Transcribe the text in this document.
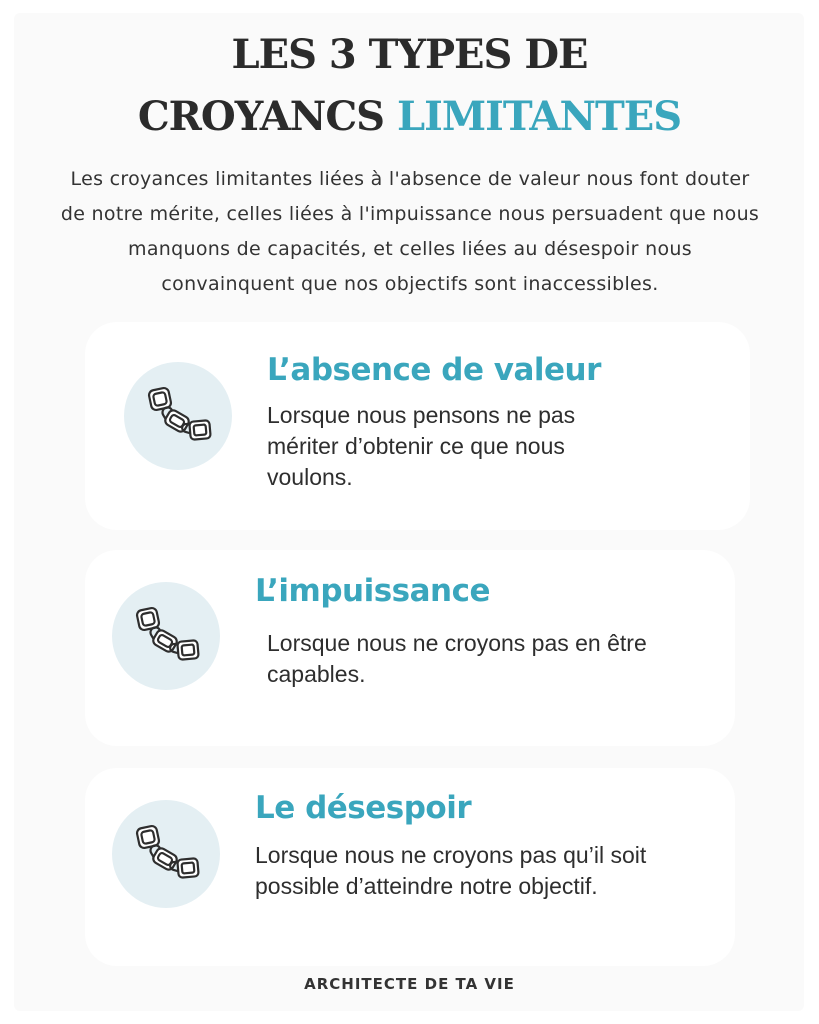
LES 3 TYPES DE
CROYANCS LIMITANTES

Les croyances limitantes liées à l'absence de valeur nous font douter de notre mérite, celles liées à l'impuissance nous persuadent que nous manquons de capacités, et celles liées au désespoir nous convainquent que nos objectifs sont inaccessibles.

L’absence de valeur

Lorsque nous pensons ne pas mériter d’obtenir ce que nous voulons.

L’impuissance

Lorsque nous ne croyons pas en être capables.

Le désespoir

Lorsque nous ne croyons pas qu’il soit possible d’atteindre notre objectif.

ARCHITECTE DE TA VIE
